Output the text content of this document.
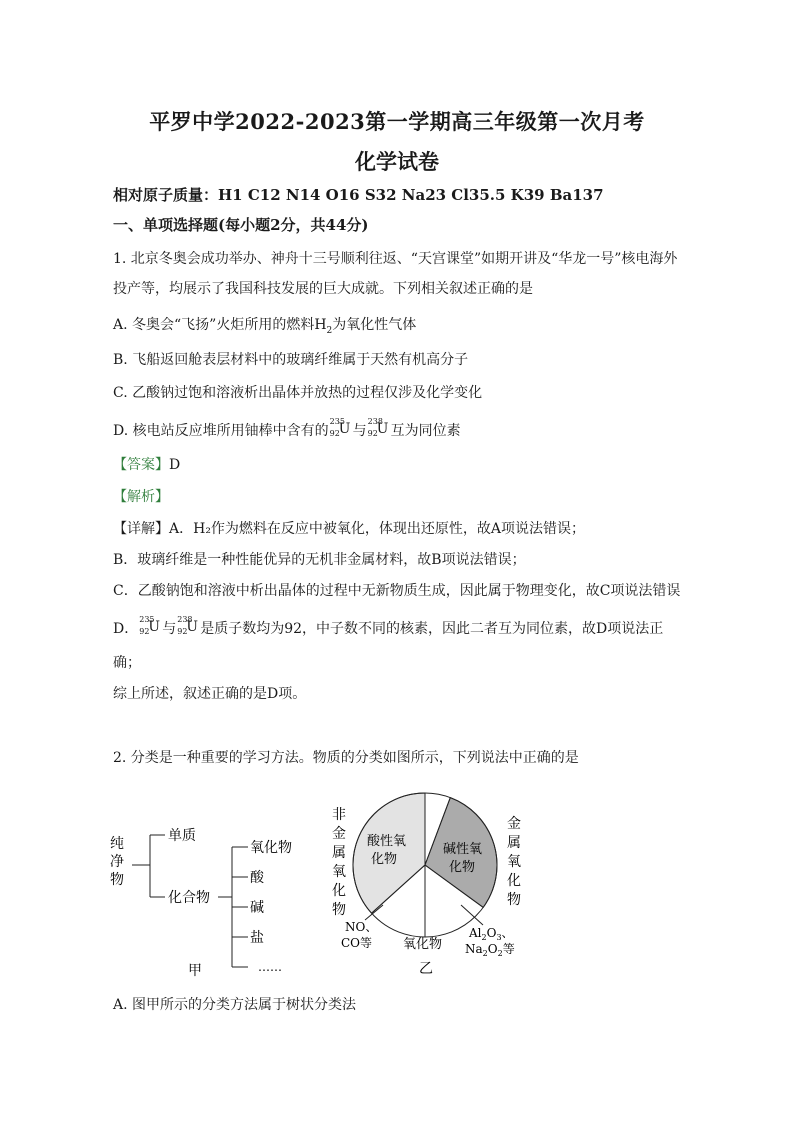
平罗中学2022-2023第一学期高三年级第一次月考
化学试卷
相对原子质量：H1 C12 N14 O16 S32 Na23 Cl35.5 K39 Ba137
一、单项选择题(每小题2分，共44分)
1. 北京冬奥会成功举办、神舟十三号顺利往返、“天宫课堂”如期开讲及“华龙一号”核电海外
投产等，均展示了我国科技发展的巨大成就。下列相关叙述正确的是
A. 冬奥会“飞扬”火炬所用的燃料$H_2$为氧化性气体
B. 飞船返回舱表层材料中的玻璃纤维属于天然有机高分子
C. 乙酸钠过饱和溶液析出晶体并放热的过程仅涉及化学变化
D. 核电站反应堆所用铀棒中含有的
235
92
U 与
238
92
U 互为同位素
【答案】D
【解析】
【详解】A．H₂作为燃料在反应中被氧化，体现出还原性，故A项说法错误；
B．玻璃纤维是一种性能优异的无机非金属材料，故B项说法错误；
C．乙酸钠饱和溶液中析出晶体的过程中无新物质生成，因此属于物理变化，故C项说法错误
D．
235
92
U 与
238
92
U 是质子数均为92，中子数不同的核素，因此二者互为同位素，故D项说法正
确；
综上所述，叙述正确的是D项。
2. 分类是一种重要的学习方法。物质的分类如图所示，下列说法中正确的是
纯
净
物
单质
化合物
氧化物
酸
碱
盐
……
甲
酸性氧
化物
碱性氧
化物
非
金
属
氧
化
物
金
属
氧
化
物
NO、
CO等 氧化物
$Al_2O_3$、
$Na_2O_2$等
乙
A. 图甲所示的分类方法属于树状分类法
